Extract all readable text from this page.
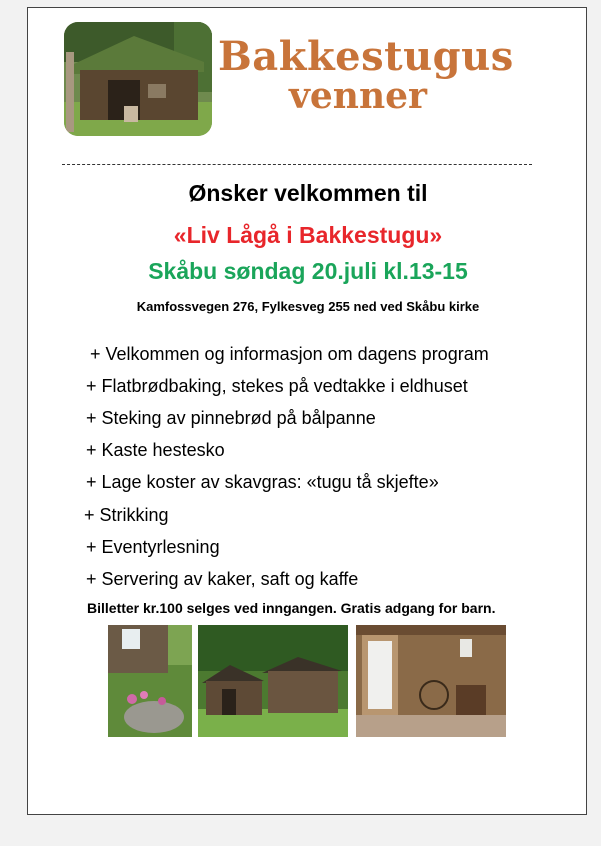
Bakkestugus
venner
Ønsker velkommen til
«Liv Lågå i Bakkestugu»
Skåbu søndag 20.juli kl.13-15
Kamfossvegen 276, Fylkesveg 255 ned ved Skåbu kirke
+ Velkommen og informasjon om dagens program
+ Flatbrødbaking, stekes på vedtakke i eldhuset
+ Steking av pinnebrød på bålpanne
+ Kaste hestesko
+ Lage koster av skavgras: «tugu tå skjefte»
+ Strikking
+ Eventyrlesning
+ Servering av kaker, saft og kaffe
Billetter kr.100 selges ved inngangen. Gratis adgang for barn.
